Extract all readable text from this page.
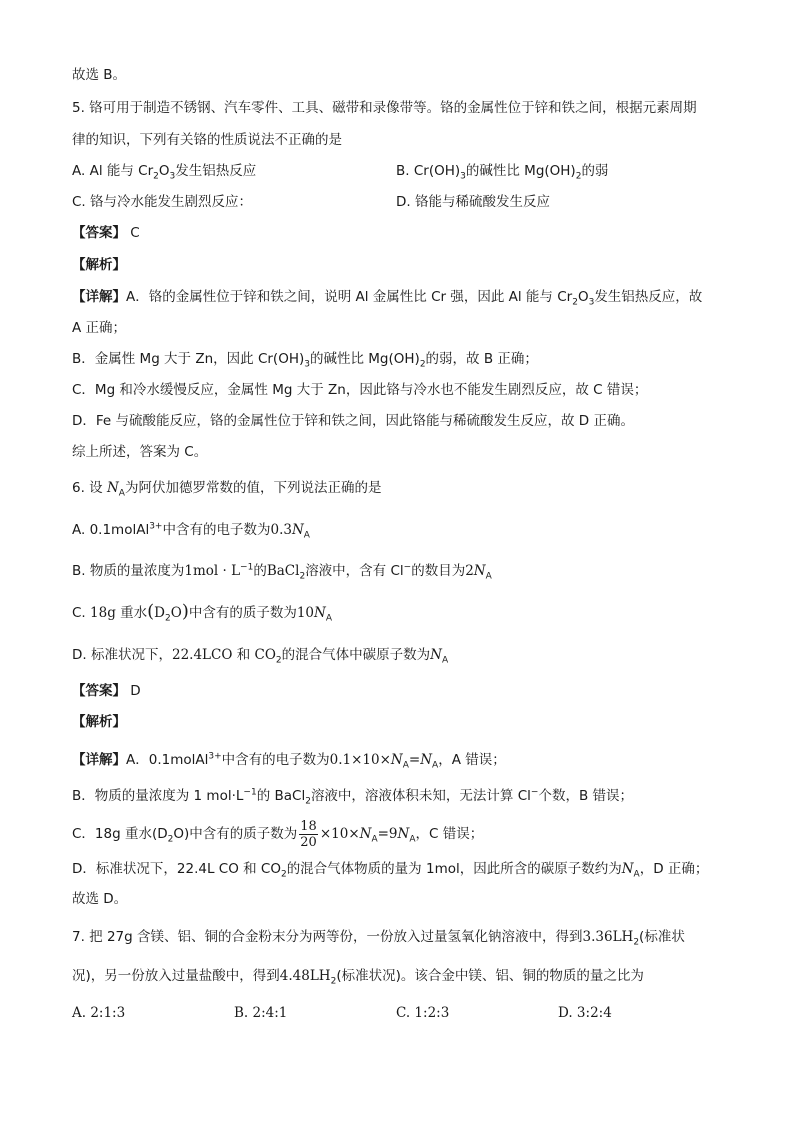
故选 B。
5. 铬可用于制造不锈钢、汽车零件、工具、磁带和录像带等。铬的金属性位于锌和铁之间，根据元素周期
律的知识，下列有关铬的性质说法不正确的是
A. Al 能与 $Cr_2O_3$发生铝热反应	B. $Cr(OH)_3$的碱性比 $Mg(OH)_2$的弱
C. 铬与冷水能发生剧烈反应：	D. 铬能与稀硫酸发生反应
【答案】 C
【解析】
【详解】A．铬的金属性位于锌和铁之间，说明 Al 金属性比 Cr 强，因此 Al 能与 $Cr_2O_3$发生铝热反应，故
A 正确；
B．金属性 Mg 大于 Zn，因此 $Cr(OH)_3$的碱性比 $Mg(OH)_2$的弱，故 B 正确；
C．Mg 和冷水缓慢反应，金属性 Mg 大于 Zn，因此铬与冷水也不能发生剧烈反应，故 C 错误；
D．Fe 与硫酸能反应，铬的金属性位于锌和铁之间，因此铬能与稀硫酸发生反应，故 D 正确。
综上所述，答案为 C。
6. 设 $N_A$为阿伏加德罗常数的值，下列说法正确的是
A. 0.1molAl$^{3+}$中含有的电子数为$0.3N_A$
B. 物质的量浓度为$1mol \cdot L^{-1}$的BaCl$_2$溶液中，含有 Cl−的数目为$2N_A$
C. 18g 重水$(D_2O)$中含有的质子数为$10N_A$
D. 标准状况下，22.4LCO 和 $CO_2$的混合气体中碳原子数为$N_A$
【答案】 D
【解析】
【详解】A．0.1molAl$^{3+}$中含有的电子数为$0.1\times 10\times N_A=N_A$，A 错误；
B．物质的量浓度为 1 $mol\cdot L^{-1}$的 BaCl$_2$溶液中，溶液体积未知，无法计算 Cl−个数，B 错误；
C．18g 重水$(D_2O)$中含有的质子数为 $\frac{18}{20} \times 10\times N_A=9N_A$，C 错误；
D．标准状况下，22.4L CO 和 $CO_2$的混合气体物质的量为 1mol，因此所含的碳原子数约为$N_A$，D 正确；
故选 D。
7. 把 27g 含镁、铝、铜的合金粉末分为两等份，一份放入过量氢氧化钠溶液中，得到$3.36LH_2$(标准状
况)，另一份放入过量盐酸中，得到$4.48LH_2$(标准状况)。该合金中镁、铝、铜的物质的量之比为
A. 2:1:3	B. 2:4:1	C. 1:2:3	D. 3:2:4
